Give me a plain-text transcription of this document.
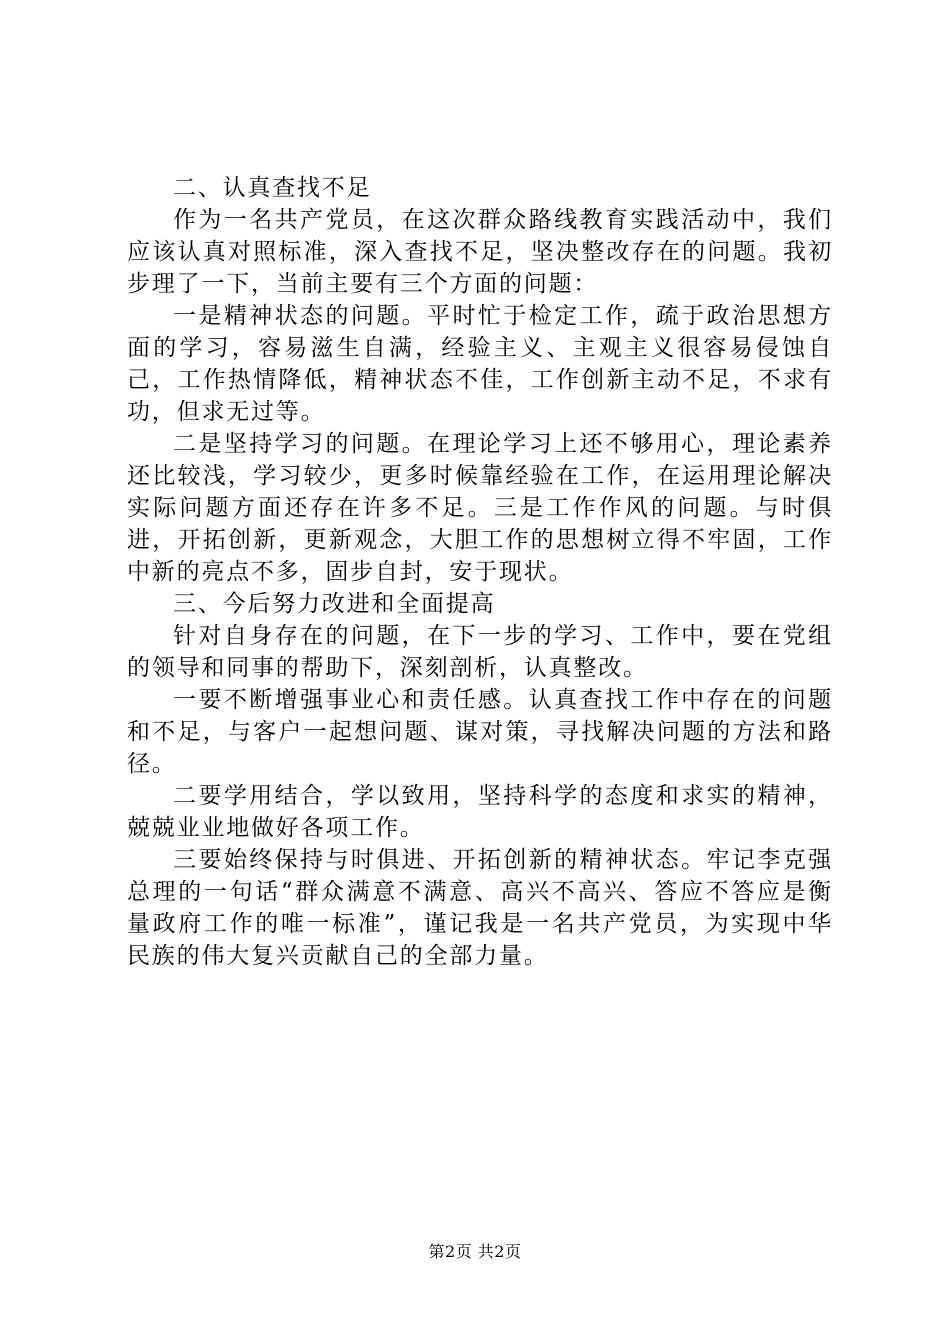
二、认真查找不足

作为一名共产党员，在这次群众路线教育实践活动中，我们应该认真对照标准，深入查找不足，坚决整改存在的问题。我初步理了一下，当前主要有三个方面的问题：

一是精神状态的问题。平时忙于检定工作，疏于政治思想方面的学习，容易滋生自满，经验主义、主观主义很容易侵蚀自己，工作热情降低，精神状态不佳，工作创新主动不足，不求有功，但求无过等。

二是坚持学习的问题。在理论学习上还不够用心，理论素养还比较浅，学习较少，更多时候靠经验在工作，在运用理论解决实际问题方面还存在许多不足。三是工作作风的问题。与时俱进，开拓创新，更新观念，大胆工作的思想树立得不牢固，工作中新的亮点不多，固步自封，安于现状。

三、今后努力改进和全面提高

针对自身存在的问题，在下一步的学习、工作中，要在党组的领导和同事的帮助下，深刻剖析，认真整改。

一要不断增强事业心和责任感。认真查找工作中存在的问题和不足，与客户一起想问题、谋对策，寻找解决问题的方法和路径。

二要学用结合，学以致用，坚持科学的态度和求实的精神，兢兢业业地做好各项工作。

三要始终保持与时俱进、开拓创新的精神状态。牢记李克强总理的一句话“群众满意不满意、高兴不高兴、答应不答应是衡量政府工作的唯一标准”，谨记我是一名共产党员，为实现中华民族的伟大复兴贡献自己的全部力量。

第2页 共2页
